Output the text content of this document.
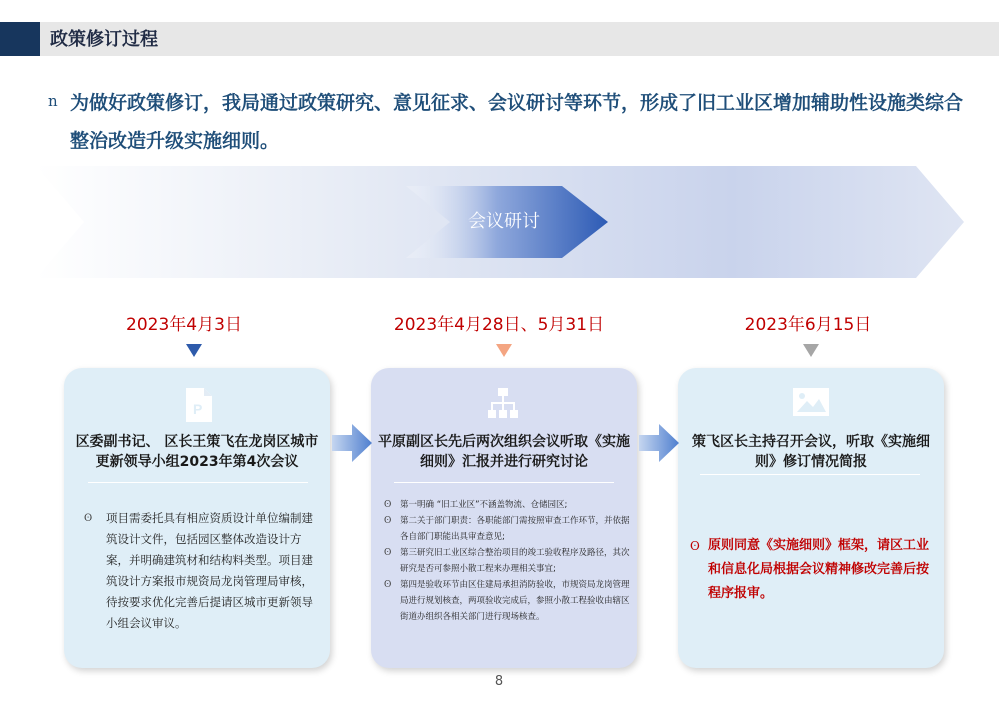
政策修订过程
n 为做好政策修订，我局通过政策研究、意见征求、会议研讨等环节，形成了旧工业区增加辅助性设施类综合整治改造升级实施细则。
会议研讨
2023年4月3日	2023年4月28日、5月31日	2023年6月15日
P
区委副书记、 区长王策飞在龙岗区城市更新领导小组2023年第4次会议
ʘ 项目需委托具有相应资质设计单位编制建筑设计文件，包括园区整体改造设计方案，并明确建筑材和结构料类型。项目建筑设计方案报市规资局龙岗管理局审核，待按要求优化完善后提请区城市更新领导小组会议审议。
平原副区长先后两次组织会议听取《实施细则》汇报并进行研究讨论
ʘ 第一明确 “旧工业区”不涵盖物流、仓储园区;
ʘ 第二关于部门职责：各职能部门需按照审查工作环节，并依据各自部门职能出具审查意见;
ʘ 第三研究旧工业区综合整治项目的竣工验收程序及路径，其次研究是否可参照小散工程来办理相关事宜;
ʘ 第四是验收环节由区住建局承担消防验收，市规资局龙岗管理局进行规划核查，两项验收完成后，参照小散工程验收由辖区街道办组织各相关部门进行现场核查。
策飞区长主持召开会议，听取《实施细则》修订情况简报
ʘ 原则同意《实施细则》框架，请区工业和信息化局根据会议精神修改完善后按程序报审。
8
